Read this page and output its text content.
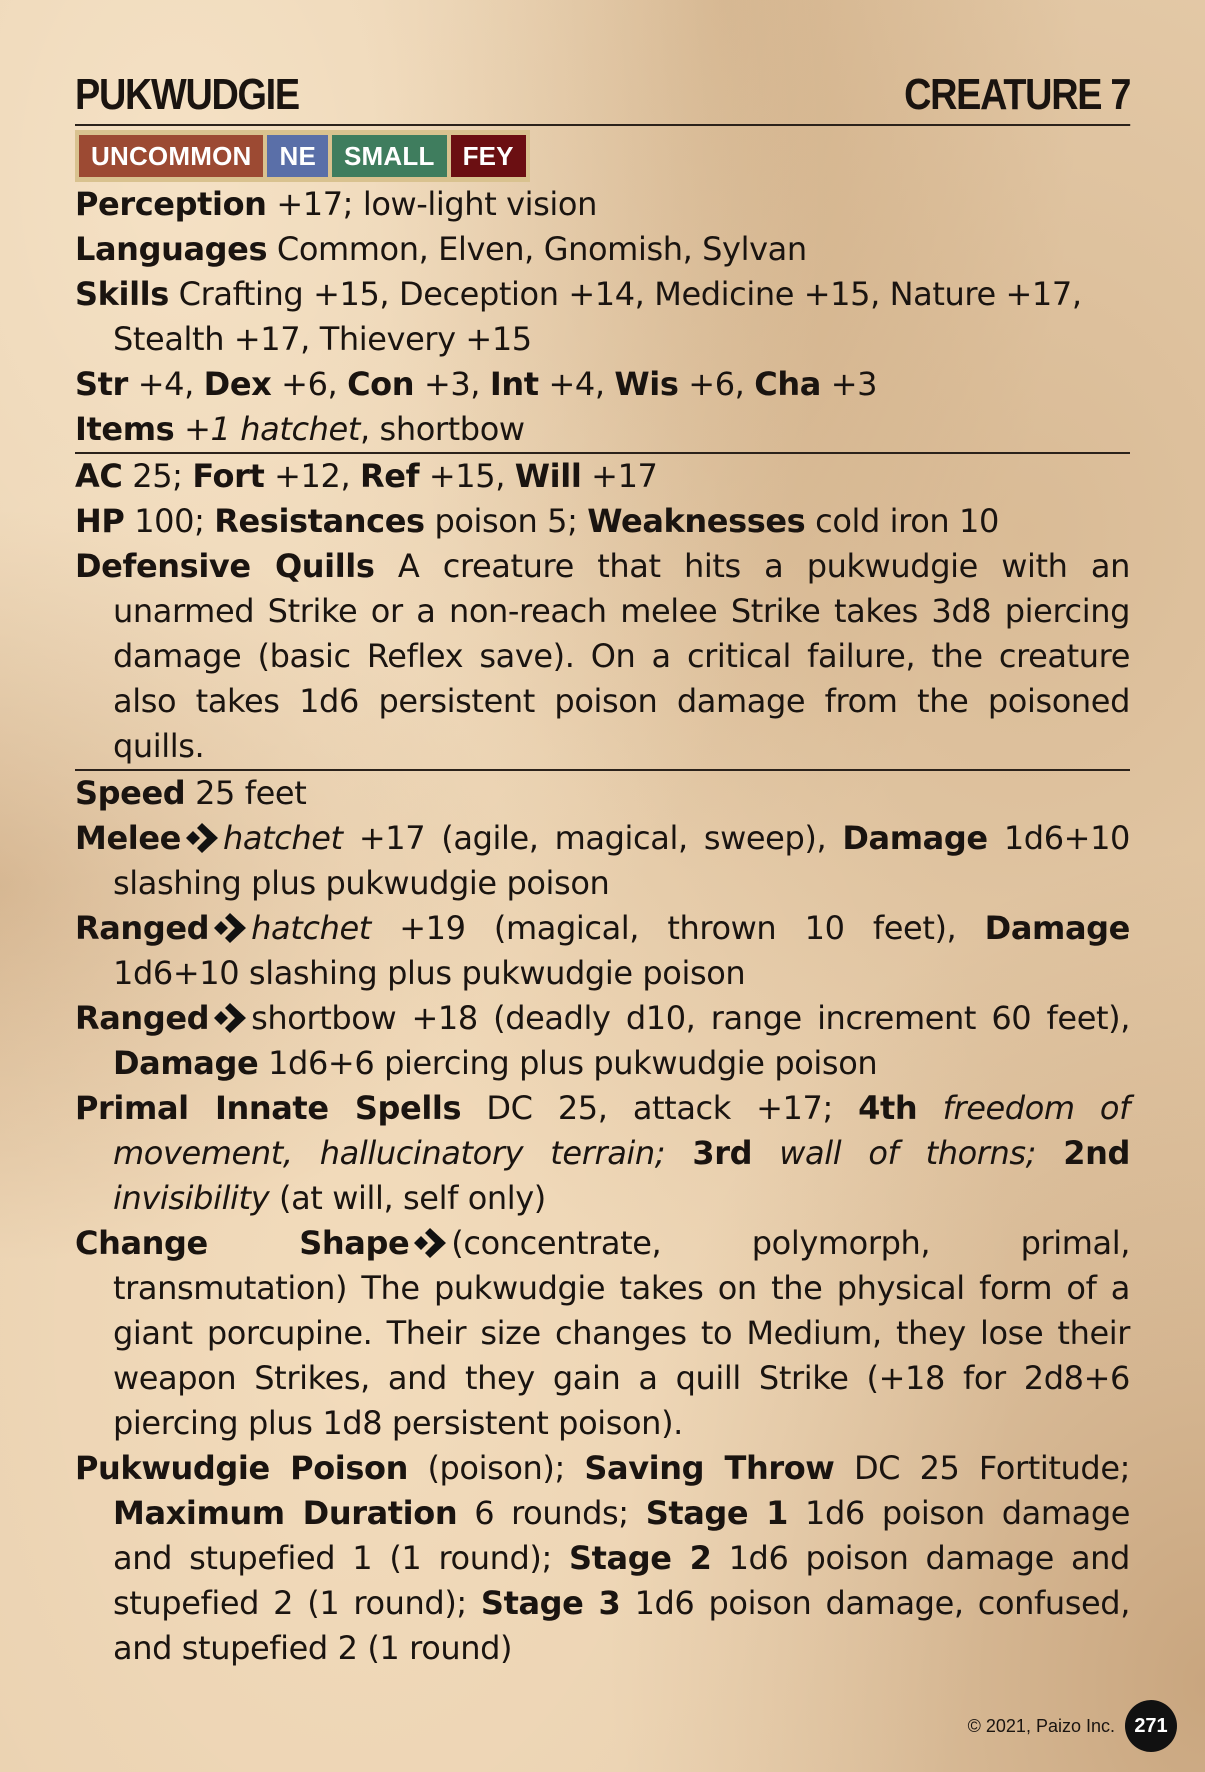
PUKWUDGIE	CREATURE 7
UNCOMMON	NE	SMALL	FEY
Perception +17; low-light vision
Languages Common, Elven, Gnomish, Sylvan
Skills Crafting +15, Deception +14, Medicine +15, Nature +17, Stealth +17, Thievery +15
Str +4, Dex +6, Con +3, Int +4, Wis +6, Cha +3
Items +1 hatchet, shortbow
AC 25; Fort +12, Ref +15, Will +17
HP 100; Resistances poison 5; Weaknesses cold iron 10
Defensive Quills A creature that hits a pukwudgie with an unarmed Strike or a non-reach melee Strike takes 3d8 piercing damage (basic Reflex save). On a critical failure, the creature also takes 1d6 persistent poison damage from the poisoned quills.
Speed 25 feet
Melee hatchet +17 (agile, magical, sweep), Damage 1d6+10 slashing plus pukwudgie poison
Ranged hatchet +19 (magical, thrown 10 feet), Damage 1d6+10 slashing plus pukwudgie poison
Ranged shortbow +18 (deadly d10, range increment 60 feet), Damage 1d6+6 piercing plus pukwudgie poison
Primal Innate Spells DC 25, attack +17; 4th freedom of movement, hallucinatory terrain; 3rd wall of thorns; 2nd invisibility (at will, self only)
Change Shape (concentrate, polymorph, primal, transmutation) The pukwudgie takes on the physical form of a giant porcupine. Their size changes to Medium, they lose their weapon Strikes, and they gain a quill Strike (+18 for 2d8+6 piercing plus 1d8 persistent poison).
Pukwudgie Poison (poison); Saving Throw DC 25 Fortitude; Maximum Duration 6 rounds; Stage 1 1d6 poison damage and stupefied 1 (1 round); Stage 2 1d6 poison damage and stupefied 2 (1 round); Stage 3 1d6 poison damage, confused, and stupefied 2 (1 round)
© 2021, Paizo Inc. 271
